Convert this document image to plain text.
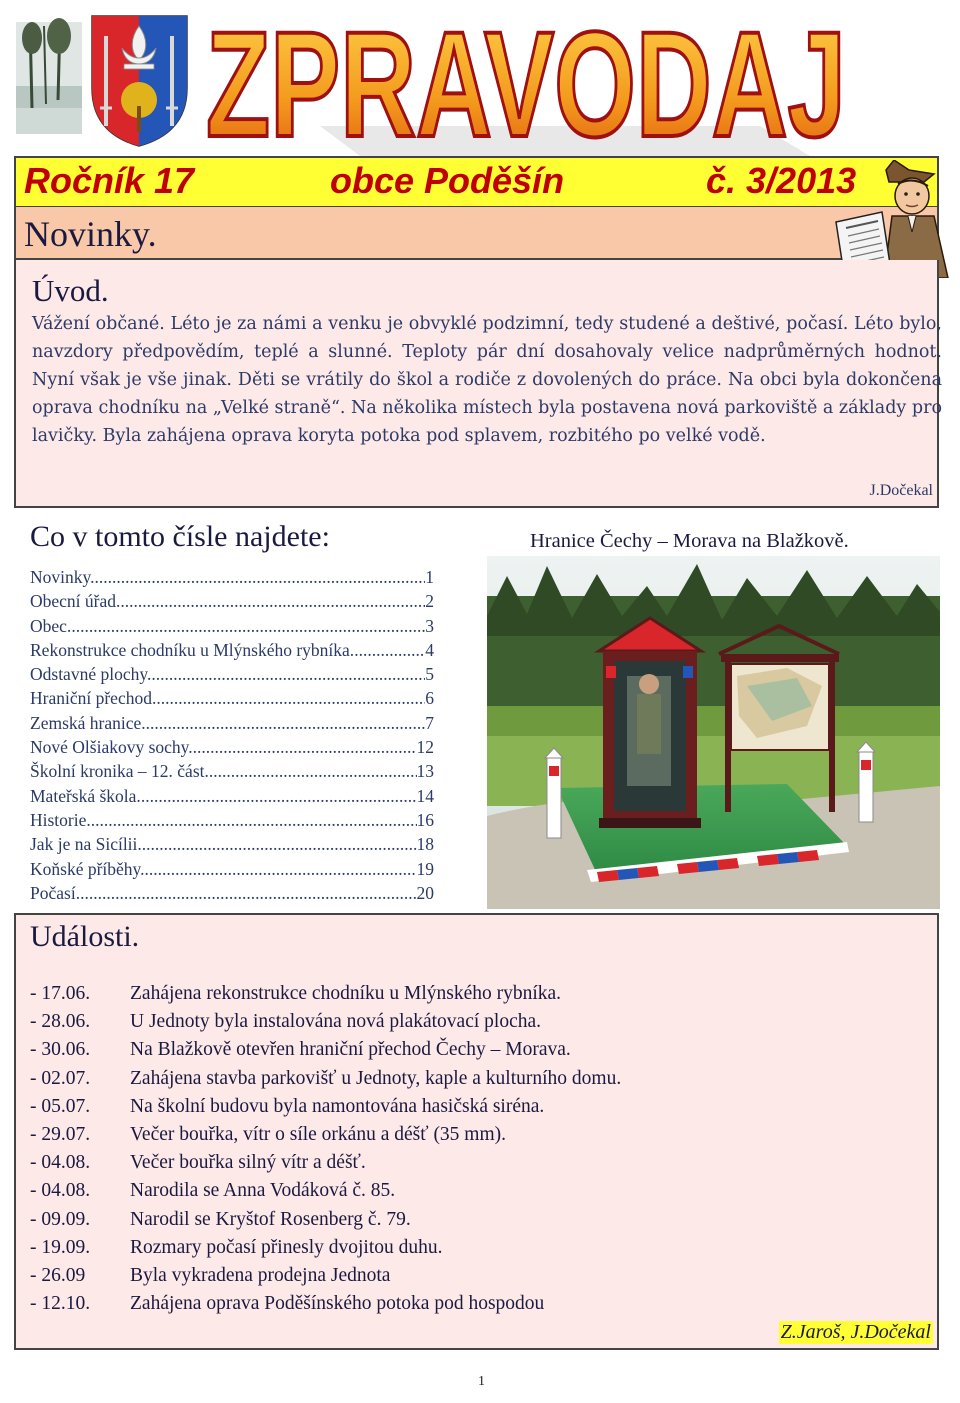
ZPRAVODAJ
Ročník 17	obce Poděšín	č. 3/2013
Novinky.
Úvod.

Vážení občané. Léto je za námi a venku je obvyklé podzimní, tedy studené a deštivé, počasí. Léto bylo, navzdory předpovědím, teplé a slunné. Teploty pár dní dosahovaly velice nadprůměrných hodnot. Nyní však je vše jinak. Děti se vrátily do škol a rodiče z dovolených do práce. Na obci byla dokončena oprava chodníku na „Velké straně“. Na několika místech byla postavena nová parkoviště a základy pro lavičky. Byla zahájena oprava koryta potoka pod splavem, rozbitého po velké vodě.

J.Dočekal
Co v tomto čísle najdete:
Novinky. .....	1
Obecní úřad .....	2
Obec. .....	3
Rekonstrukce chodníku u Mlýnského rybníka. .....	4
Odstavné plochy. .....	5
Hraniční přechod. .....	6
Zemská hranice. .....	7
Nové Olšiakovy sochy. .....	12
Školní kronika – 12. část. .....	13
Mateřská škola. .....	14
Historie. .....	16
Jak je na Sicílii .....	18
Koňské příběhy. .....	19
Počasí. .....	20
Hranice Čechy – Morava na Blažkově.
Události.
- 17.06.	Zahájena rekonstrukce chodníku u Mlýnského rybníka.
- 28.06.	U Jednoty byla instalována nová plakátovací plocha.
- 30.06.	Na Blažkově otevřen hraniční přechod Čechy – Morava.
- 02.07.	Zahájena stavba parkovišť u Jednoty, kaple a kulturního domu.
- 05.07.	Na školní budovu byla namontována hasičská siréna.
- 29.07.	Večer bouřka, vítr o síle orkánu a déšť (35 mm).
- 04.08.	Večer bouřka silný vítr a déšť.
- 04.08.	Narodila se Anna Vodáková č. 85.
- 09.09.	Narodil se Kryštof Rosenberg č. 79.
- 19.09.	Rozmary počasí přinesly dvojitou duhu.
- 26.09	Byla vykradena prodejna Jednota
- 12.10.	Zahájena oprava Poděšínského potoka pod hospodou
Z.Jaroš, J.Dočekal
1
